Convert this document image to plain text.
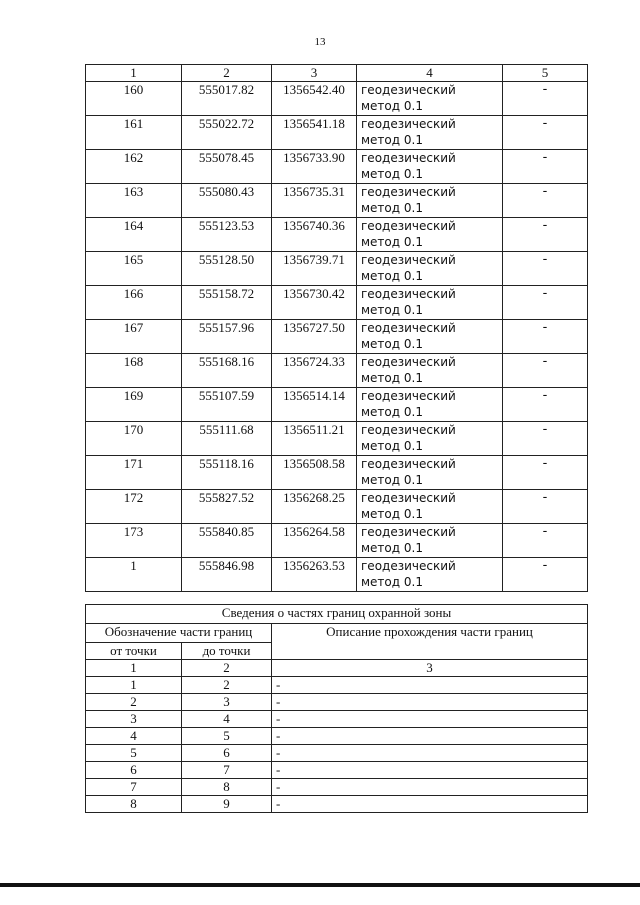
13
1	2	3	4	5
160	555017.82	1356542.40	геодезический
метод 0.1	-
161	555022.72	1356541.18	геодезический
метод 0.1	-
162	555078.45	1356733.90	геодезический
метод 0.1	-
163	555080.43	1356735.31	геодезический
метод 0.1	-
164	555123.53	1356740.36	геодезический
метод 0.1	-
165	555128.50	1356739.71	геодезический
метод 0.1	-
166	555158.72	1356730.42	геодезический
метод 0.1	-
167	555157.96	1356727.50	геодезический
метод 0.1	-
168	555168.16	1356724.33	геодезический
метод 0.1	-
169	555107.59	1356514.14	геодезический
метод 0.1	-
170	555111.68	1356511.21	геодезический
метод 0.1	-
171	555118.16	1356508.58	геодезический
метод 0.1	-
172	555827.52	1356268.25	геодезический
метод 0.1	-
173	555840.85	1356264.58	геодезический
метод 0.1	-
1	555846.98	1356263.53	геодезический
метод 0.1	-
Сведения о частях границ охранной зоны		
Обозначение части границ		Описание прохождения части границ
от точки	до точки	
1	2	3
1	2	-
2	3	-
3	4	-
4	5	-
5	6	-
6	7	-
7	8	-
8	9	-
